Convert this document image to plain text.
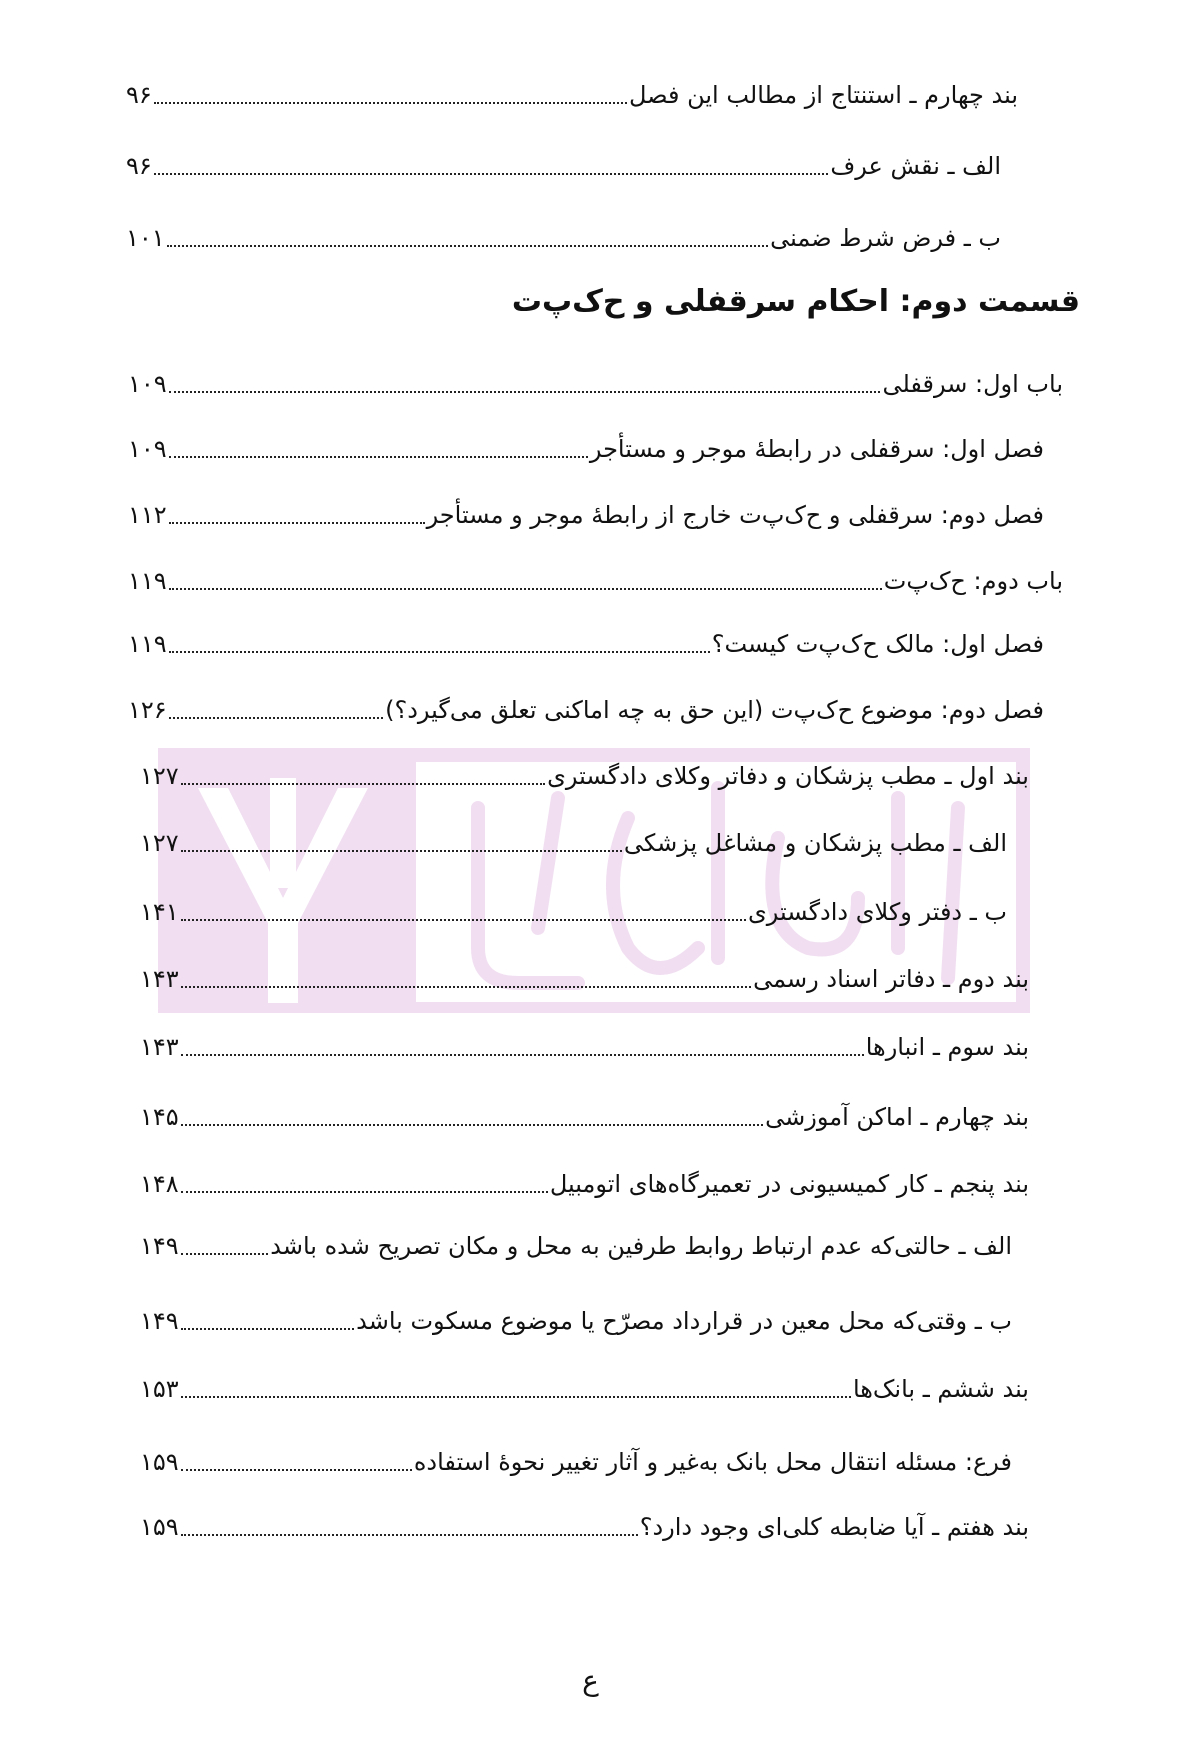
بند چهارم ـ استنتاج از مطالب این فصل
۹۶
الف ـ نقش عرف
۹۶
ب ـ فرض شرط ضمنی
۱۰۱
قسمت دوم: احکام سرقفلی و ح‌ک‌پ‌ت
باب اول: سرقفلی
۱۰۹
فصل اول: سرقفلی در رابطهٔ موجر و مستأجر
۱۰۹
فصل دوم: سرقفلی و ح‌ک‌پ‌ت خارج از رابطهٔ موجر و مستأجر
۱۱۲
باب دوم: ح‌ک‌پ‌ت
۱۱۹
فصل اول: مالک ح‌ک‌پ‌ت کیست؟
۱۱۹
فصل دوم: موضوع ح‌ک‌پ‌ت (این حق به چه اماکنی تعلق می‌گیرد؟)
۱۲۶
بند اول ـ مطب پزشکان و دفاتر وکلای دادگستری
۱۲۷
الف ـ مطب پزشکان و مشاغل پزشکی
۱۲۷
ب ـ دفتر وکلای دادگستری
۱۴۱
بند دوم ـ دفاتر اسناد رسمی
۱۴۳
بند سوم ـ انبارها
۱۴۳
بند چهارم ـ اماکن آموزشی
۱۴۵
بند پنجم ـ کار کمیسیونی در تعمیرگاه‌های اتومبیل
۱۴۸
الف ـ حالتی‌که عدم ارتباط روابط طرفین به محل و مکان تصریح شده باشد
۱۴۹
ب ـ وقتی‌که محل معین در قرارداد مصرّح یا موضوع مسکوت باشد
۱۴۹
بند ششم ـ بانک‌ها
۱۵۳
فرع: مسئله انتقال محل بانک به‌غیر و آثار تغییر نحوهٔ استفاده
۱۵۹
بند هفتم ـ آیا ضابطه کلی‌ای وجود دارد؟
۱۵۹
ع
